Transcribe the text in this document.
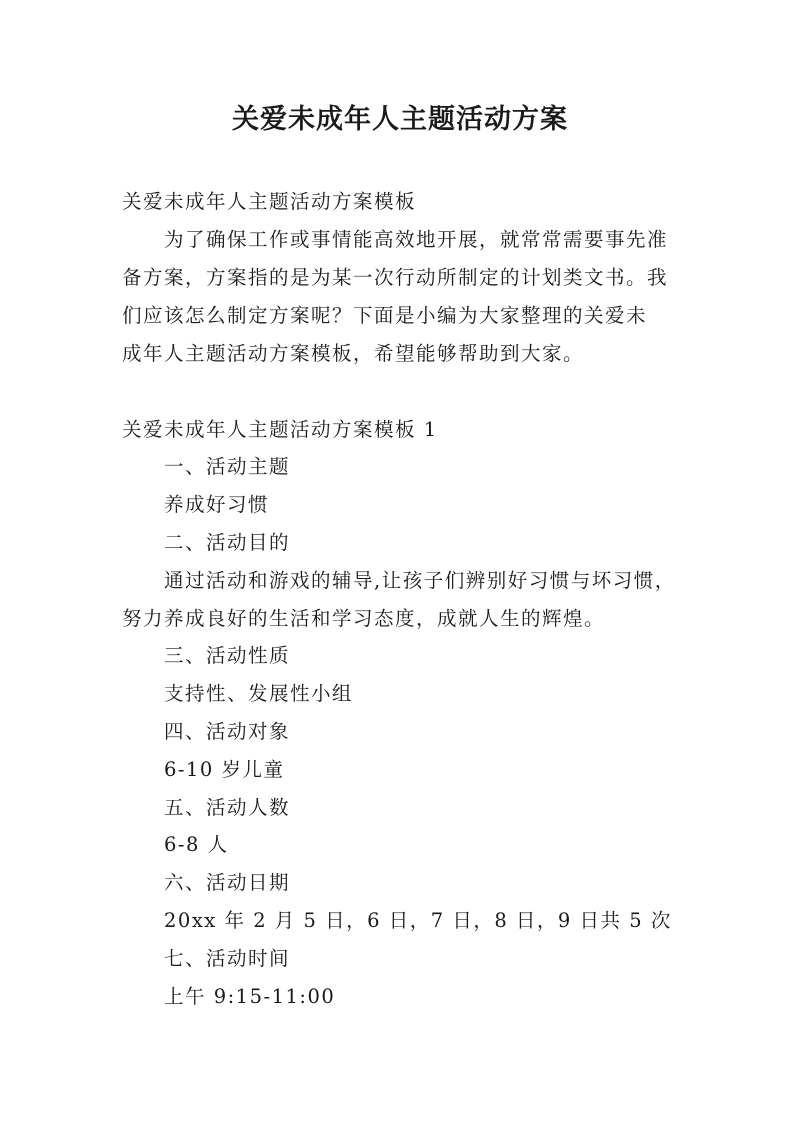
关爱未成年人主题活动方案
关爱未成年人主题活动方案模板
为了确保工作或事情能高效地开展，就常常需要事先准
备方案，方案指的是为某一次行动所制定的计划类文书。我
们应该怎么制定方案呢？下面是小编为大家整理的关爱未
成年人主题活动方案模板，希望能够帮助到大家。
关爱未成年人主题活动方案模板 1
一、活动主题
养成好习惯
二、活动目的
通过活动和游戏的辅导,让孩子们辨别好习惯与坏习惯，
努力养成良好的生活和学习态度，成就人生的辉煌。
三、活动性质
支持性、发展性小组
四、活动对象
6-10 岁儿童
五、活动人数
6-8 人
六、活动日期
20xx 年 2 月 5 日，6 日，7 日，8 日，9 日共 5 次
七、活动时间
上午 9:15-11:00
